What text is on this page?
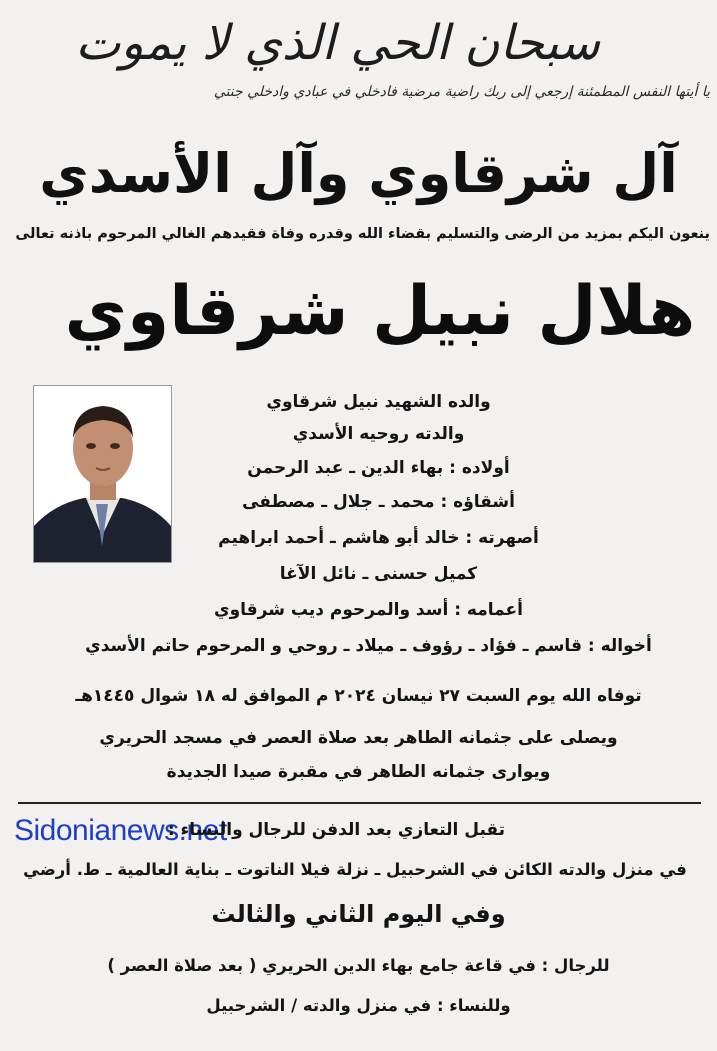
سبحان الحي الذي لا يموت
يا أيتها النفس المطمئنة إرجعي إلى ربك راضية مرضية فادخلي في عبادي وادخلي جنتي
آل شرقاوي وآل الأسدي
ينعون اليكم بمزيد من الرضى والتسليم بقضاء الله وقدره وفاة فقيدهم الغالي المرحوم باذنه تعالى
هلال نبيل شرقاوي
والده الشهيد نبيل شرقاوي
والدته روحيه الأسدي
أولاده : بهاء الدين ـ عبد الرحمن
أشقاؤه : محمد ـ جلال ـ مصطفى
أصهرته : خالد أبو هاشم ـ أحمد ابراهيم
كميل حسنى ـ نائل الآغا
أعمامه : أسد والمرحوم ديب شرقاوي
أخواله : قاسم ـ فؤاد ـ رؤوف ـ ميلاد ـ روحي و المرحوم حاتم الأسدي
توفاه الله يوم السبت ٢٧ نيسان ٢٠٢٤ م الموافق له ١٨ شوال ١٤٤٥هـ
ويصلى على جثمانه الطاهر بعد صلاة العصر في مسجد الحريري
ويوارى جثمانه الطاهر في مقبرة صيدا الجديدة
Sidonianews.net
تقبل التعازي بعد الدفن للرجال والنساء :
في منزل والدته الكائن في الشرحبيل ـ نزلة فيلا الناتوت ـ بناية العالمية ـ ط. أرضي
وفي اليوم الثاني والثالث
للرجال : في قاعة جامع بهاء الدين الحريري ( بعد صلاة العصر )
وللنساء : في منزل والدته / الشرحبيل
